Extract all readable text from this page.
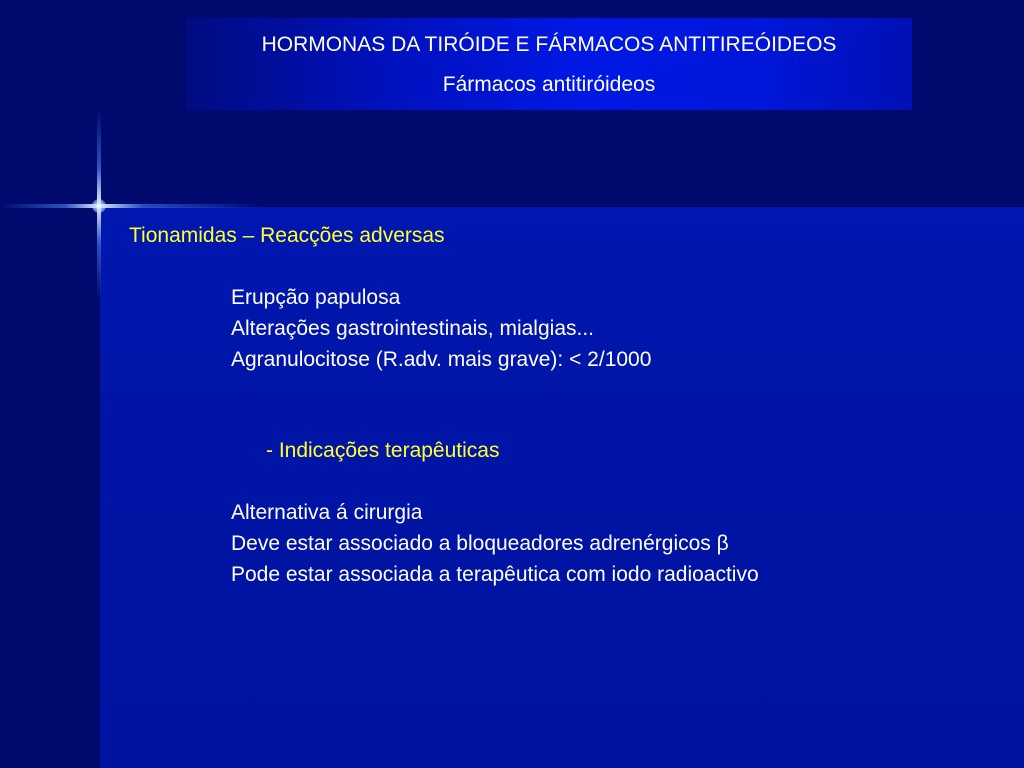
HORMONAS DA TIRÓIDE E FÁRMACOS ANTITIREÓIDEOS
Fármacos antitiróideos
Tionamidas – Reacções adversas
Erupção papulosa
Alterações gastrointestinais, mialgias...
Agranulocitose (R.adv. mais grave): < 2/1000
- Indicações terapêuticas
Alternativa á cirurgia
Deve estar associado a bloqueadores adrenérgicos β
Pode estar associada a terapêutica com iodo radioactivo
